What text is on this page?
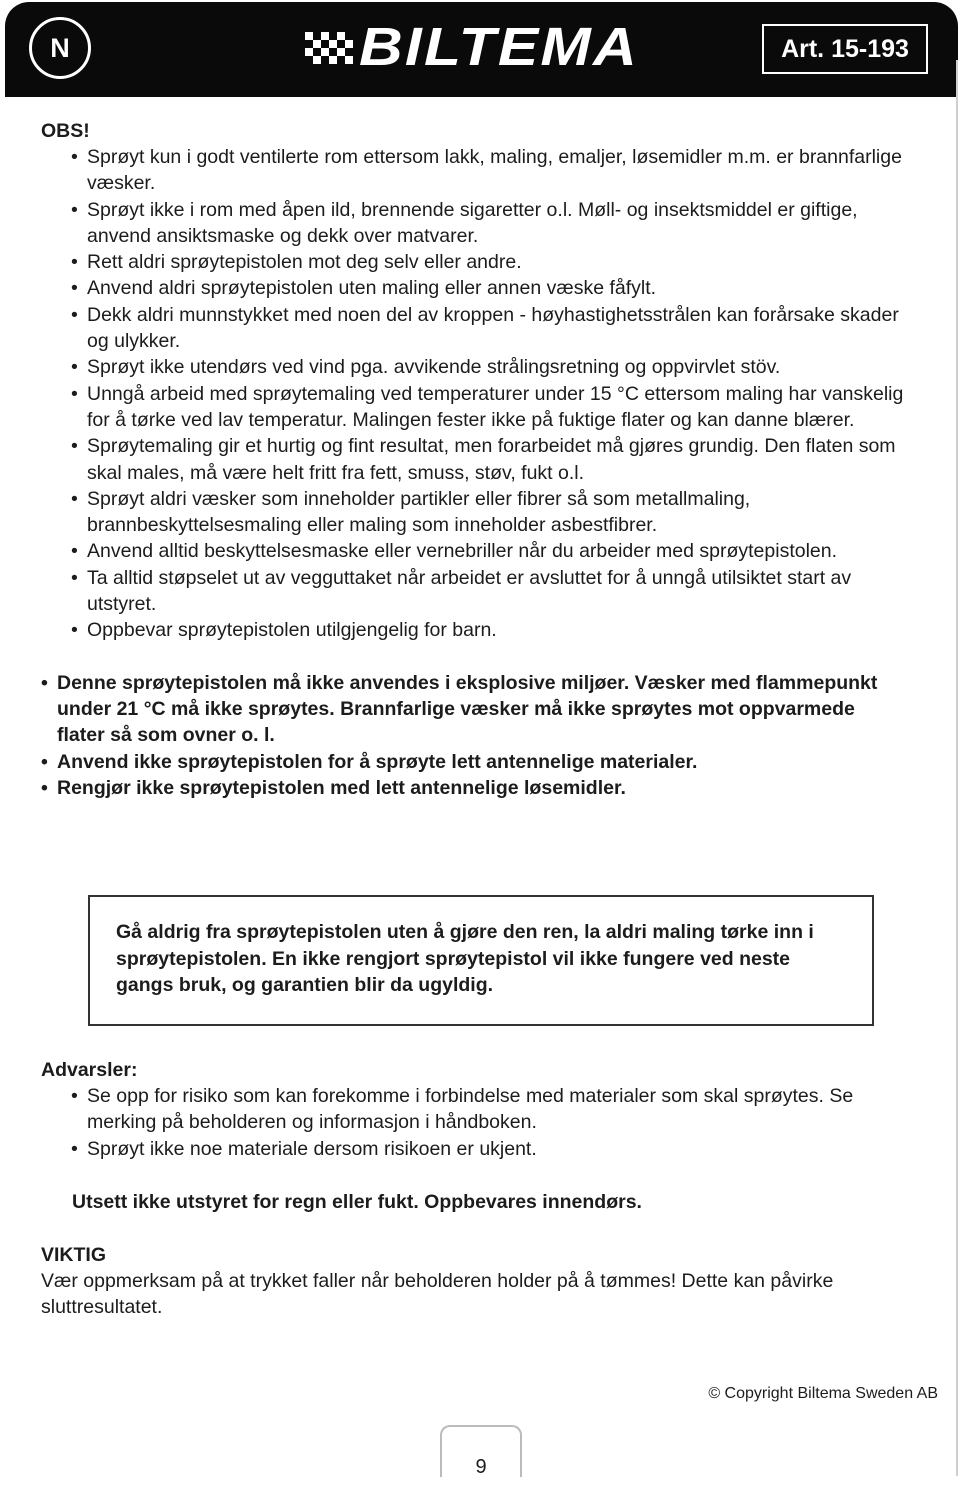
N	BILTEMA	Art. 15-193

OBS!

• Sprøyt kun i godt ventilerte rom ettersom lakk, maling, emaljer, løsemidler m.m. er brannfarlige væsker.
• Sprøyt ikke i rom med åpen ild, brennende sigaretter o.l. Møll- og insektsmiddel er giftige, anvend ansiktsmaske og dekk over matvarer.
• Rett aldri sprøytepistolen mot deg selv eller andre.
• Anvend aldri sprøytepistolen uten maling eller annen væske fåfylt.
• Dekk aldri munnstykket med noen del av kroppen - høyhastighetsstrålen kan forårsake skader og ulykker.
• Sprøyt ikke utendørs ved vind pga. avvikende strålingsretning og oppvirvlet stöv.
• Unngå arbeid med sprøytemaling ved temperaturer under 15 °C ettersom maling har vanskelig for å tørke ved lav temperatur. Malingen fester ikke på fuktige flater og kan danne blærer.
• Sprøytemaling gir et hurtig og fint resultat, men forarbeidet må gjøres grundig. Den flaten som skal males, må være helt fritt fra fett, smuss, støv, fukt o.l.
• Sprøyt aldri væsker som inneholder partikler eller fibrer så som metallmaling, brannbeskyttelsesmaling eller maling som inneholder asbestfibrer.
• Anvend alltid beskyttelsesmaske eller vernebriller når du arbeider med sprøytepistolen.
• Ta alltid støpselet ut av vegguttaket når arbeidet er avsluttet for å unngå utilsiktet start av utstyret.
• Oppbevar sprøytepistolen utilgjengelig for barn.
• Denne sprøytepistolen må ikke anvendes i eksplosive miljøer. Væsker med flammepunkt under 21 °C må ikke sprøytes. Brannfarlige væsker må ikke sprøytes mot oppvarmede flater så som ovner o. l.
• Anvend ikke sprøytepistolen for å sprøyte lett antennelige materialer.
• Rengjør ikke sprøytepistolen med lett antennelige løsemidler.
Gå aldrig fra sprøytepistolen uten å gjøre den ren, la aldri maling tørke inn i sprøytepistolen. En ikke rengjort sprøytepistol vil ikke fungere ved neste gangs bruk, og garantien blir da ugyldig.

Advarsler:

• Se opp for risiko som kan forekomme i forbindelse med materialer som skal sprøytes. Se merking på beholderen og informasjon i håndboken.
• Sprøyt ikke noe materiale dersom risikoen er ukjent.

Utsett ikke utstyret for regn eller fukt. Oppbevares innendørs.

VIKTIG

Vær oppmerksam på at trykket faller når beholderen holder på å tømmes! Dette kan påvirke sluttresultatet.

© Copyright Biltema Sweden AB
9
